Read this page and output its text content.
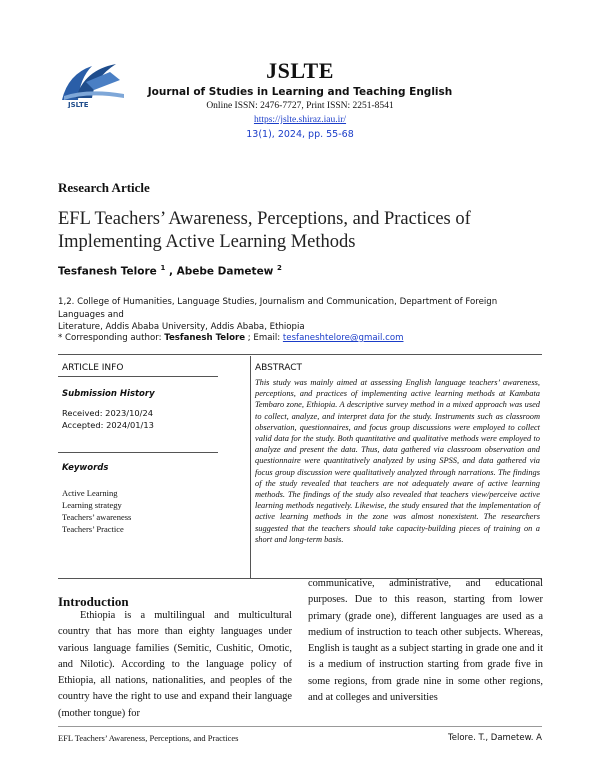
JSLTE
JSLTE
Journal of Studies in Learning and Teaching English
Online ISSN: 2476-7727, Print ISSN: 2251-8541
https://jslte.shiraz.iau.ir/
13(1), 2024, pp. 55-68
Research Article
EFL Teachers’ Awareness, Perceptions, and Practices of
Implementing Active Learning Methods
Tesfanesh Telore $^1$ , Abebe Dametew $^2$
1,2. College of Humanities, Language Studies, Journalism and Communication, Department of Foreign Languages and
Literature, Addis Ababa University, Addis Ababa, Ethiopia
* Corresponding author: Tesfanesh Telore ; Email: tesfaneshtelore@gmail.com
ARTICLE INFO
Submission History
Received: 2023/10/24
Accepted: 2024/01/13
Keywords
Active Learning
Learning strategy
Teachers’ awareness
Teachers’ Practice
ABSTRACT
This study was mainly aimed at assessing English language teachers’ awareness, perceptions, and practices of implementing active learning methods at Kambata Tembaro zone, Ethiopia. A descriptive survey method in a mixed approach was used to collect, analyze, and interpret data for the study. Instruments such as classroom observation, questionnaires, and focus group discussions were employed to collect valid data for the study. Both quantitative and qualitative methods were employed to analyze and present the data. Thus, data gathered via classroom observation and questionnaire were quantitatively analyzed by using SPSS, and data gathered via focus group discussion were qualitatively analyzed through narrations. The findings of the study revealed that teachers are not adequately aware of active learning methods. The findings of the study also revealed that teachers view/perceive active learning methods negatively. Likewise, the study ensured that the implementation of active learning methods in the zone was almost nonexistent. The researchers suggested that the teachers should take capacity-building pieces of training on a short and long-term basis.
Introduction
Ethiopia is a multilingual and multicultural country that has more than eighty languages under various language families (Semitic, Cushitic, Omotic, and Nilotic). According to the language policy of Ethiopia, all nations, nationalities, and peoples of the country have the right to use and expand their language (mother tongue) for
communicative, administrative, and educational purposes. Due to this reason, starting from lower primary (grade one), different languages are used as a medium of instruction to teach other subjects. Whereas, English is taught as a subject starting in grade one and it is a medium of instruction starting from grade five in some regions, from grade nine in some other regions, and at colleges and universities
EFL Teachers’ Awareness, Perceptions, and Practices	Telore. T., Dametew. A
